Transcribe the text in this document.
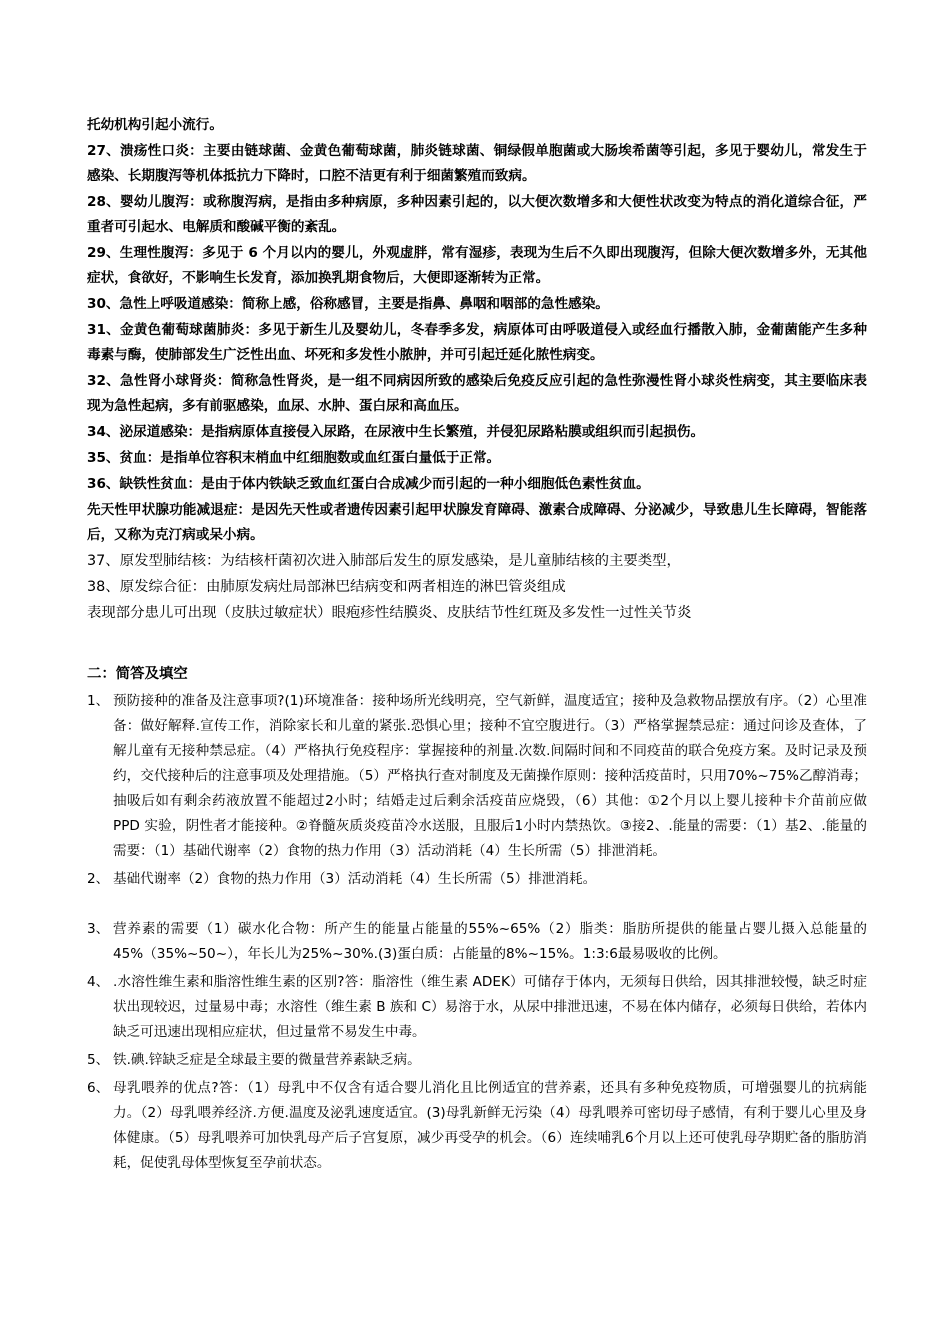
托幼机构引起小流行。

27、溃疡性口炎：主要由链球菌、金黄色葡萄球菌，肺炎链球菌、铜绿假单胞菌或大肠埃希菌等引起，多见于婴幼儿，常发生于感染、长期腹泻等机体抵抗力下降时，口腔不洁更有利于细菌繁殖而致病。

28、婴幼儿腹泻：或称腹泻病，是指由多种病原，多种因素引起的，以大便次数增多和大便性状改变为特点的消化道综合征，严重者可引起水、电解质和酸碱平衡的紊乱。

29、生理性腹泻：多见于 6 个月以内的婴儿，外观虚胖，常有湿疹，表现为生后不久即出现腹泻，但除大便次数增多外，无其他症状，食欲好，不影响生长发育，添加换乳期食物后，大便即逐渐转为正常。

30、急性上呼吸道感染：简称上感，俗称感冒，主要是指鼻、鼻咽和咽部的急性感染。

31、金黄色葡萄球菌肺炎：多见于新生儿及婴幼儿，冬春季多发，病原体可由呼吸道侵入或经血行播散入肺，金葡菌能产生多种毒素与酶，使肺部发生广泛性出血、坏死和多发性小脓肿，并可引起迁延化脓性病变。

32、急性肾小球肾炎：简称急性肾炎，是一组不同病因所致的感染后免疫反应引起的急性弥漫性肾小球炎性病变，其主要临床表现为急性起病，多有前驱感染，血尿、水肿、蛋白尿和高血压。

34、泌尿道感染：是指病原体直接侵入尿路，在尿液中生长繁殖，并侵犯尿路粘膜或组织而引起损伤。

35、贫血：是指单位容积末梢血中红细胞数或血红蛋白量低于正常。

36、缺铁性贫血：是由于体内铁缺乏致血红蛋白合成减少而引起的一种小细胞低色素性贫血。

先天性甲状腺功能减退症：是因先天性或者遗传因素引起甲状腺发育障碍、激素合成障碍、分泌减少，导致患儿生长障碍，智能落后，又称为克汀病或呆小病。

37、原发型肺结核：为结核杆菌初次进入肺部后发生的原发感染，是儿童肺结核的主要类型，

38、原发综合征：由肺原发病灶局部淋巴结病变和两者相连的淋巴管炎组成

表现部分患儿可出现（皮肤过敏症状）眼疱疹性结膜炎、皮肤结节性红斑及多发性一过性关节炎

二：简答及填空
1、 预防接种的准备及注意事项?(1)环境准备：接种场所光线明亮，空气新鲜，温度适宜；接种及急救物品摆放有序。（2）心里准备：做好解释.宣传工作，消除家长和儿童的紧张.恐惧心里；接种不宜空腹进行。（3）严格掌握禁忌症：通过问诊及查体，了解儿童有无接种禁忌症。（4）严格执行免疫程序：掌握接种的剂量.次数.间隔时间和不同疫苗的联合免疫方案。及时记录及预约，交代接种后的注意事项及处理措施。（5）严格执行查对制度及无菌操作原则：接种活疫苗时，只用70%~75%乙醇消毒；抽吸后如有剩余药液放置不能超过2小时；结婚走过后剩余活疫苗应烧毁，（6）其他：①2个月以上婴儿接种卡介苗前应做 PPD 实验，阴性者才能接种。②脊髓灰质炎疫苗冷水送服，且服后1小时内禁热饮。③接2、.能量的需要：（1）基2、.能量的需要：（1）基础代谢率（2）食物的热力作用（3）活动消耗（4）生长所需（5）排泄消耗。
2、 基础代谢率（2）食物的热力作用（3）活动消耗（4）生长所需（5）排泄消耗。
3、 营养素的需要（1）碳水化合物：所产生的能量占能量的55%~65%（2）脂类：脂肪所提供的能量占婴儿摄入总能量的45%（35%~50~），年长儿为25%~30%.(3)蛋白质：占能量的8%~15%。1:3:6最易吸收的比例。
4、 .水溶性维生素和脂溶性维生素的区别?答：脂溶性（维生素 ADEK）可储存于体内，无须每日供给，因其排泄较慢，缺乏时症状出现较迟，过量易中毒；水溶性（维生素 B 族和 C）易溶于水，从尿中排泄迅速，不易在体内储存，必须每日供给，若体内缺乏可迅速出现相应症状，但过量常不易发生中毒。
5、 铁.碘.锌缺乏症是全球最主要的微量营养素缺乏病。
6、 母乳喂养的优点?答：（1）母乳中不仅含有适合婴儿消化且比例适宜的营养素，还具有多种免疫物质，可增强婴儿的抗病能力。（2）母乳喂养经济.方便.温度及泌乳速度适宜。(3)母乳新鲜无污染（4）母乳喂养可密切母子感情，有利于婴儿心里及身体健康。（5）母乳喂养可加快乳母产后子宫复原，减少再受孕的机会。（6）连续哺乳6个月以上还可使乳母孕期贮备的脂肪消耗，促使乳母体型恢复至孕前状态。
